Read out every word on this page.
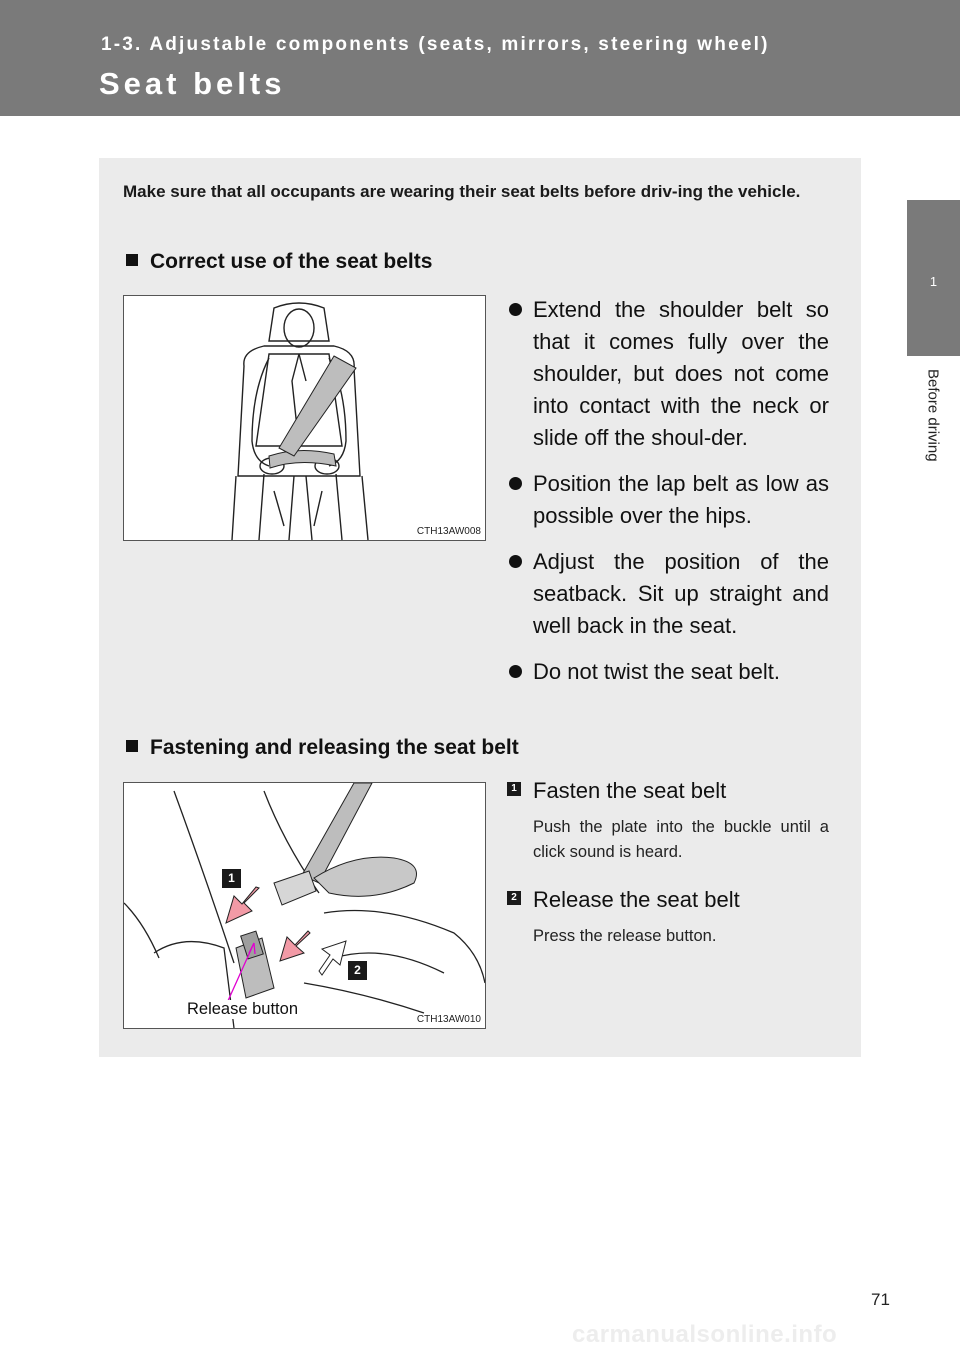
1-3. Adjustable components (seats, mirrors, steering wheel)
Seat belts
1
Before driving
Make sure that all occupants are wearing their seat belts before driv-ing the vehicle.
Correct use of the seat belts
CTH13AW008
Extend the shoulder belt so that it comes fully over the shoulder, but does not come into contact with the neck or slide off the shoul-der.
Position the lap belt as low as possible over the hips.
Adjust the position of the seatback. Sit up straight and well back in the seat.
Do not twist the seat belt.
Fastening and releasing the seat belt
1
2
Release button
CTH13AW010
1 Fasten the seat belt
Push the plate into the buckle until a click sound is heard.
2 Release the seat belt
Press the release button.
71
carmanualsonline.info
